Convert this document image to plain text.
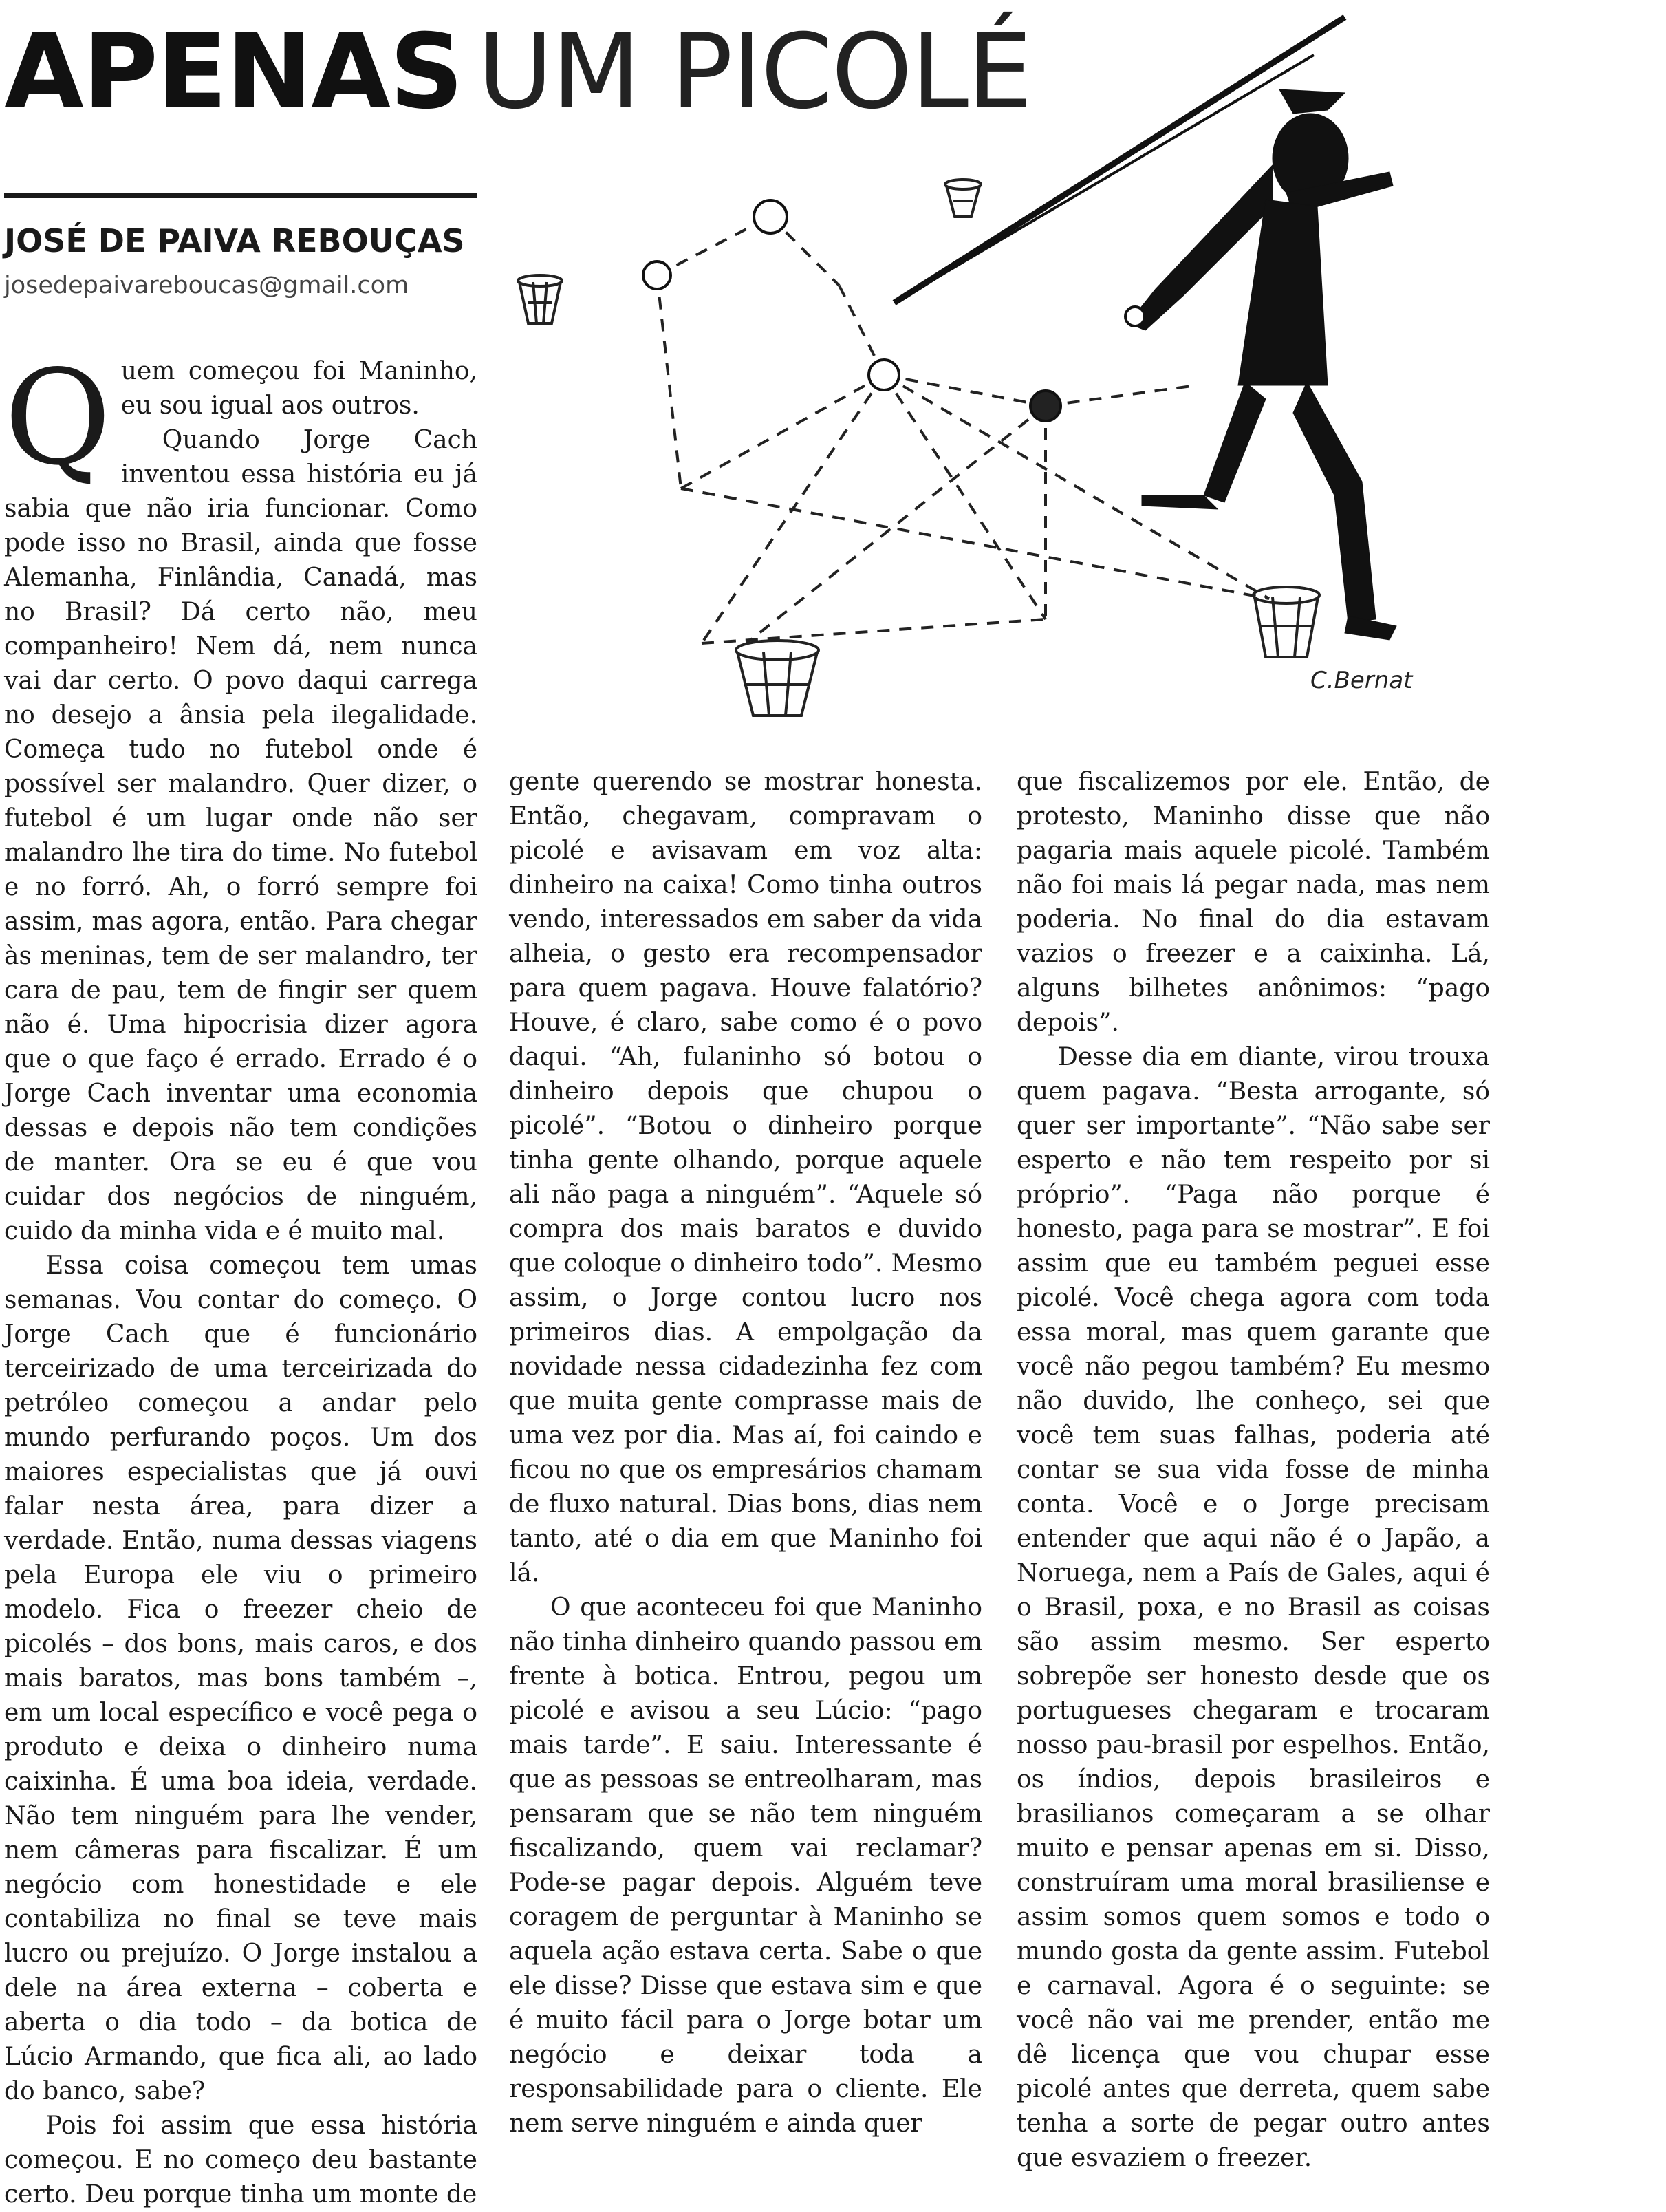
APENAS UM PICOLÉ
JOSÉ DE PAIVA REBOUÇAS
josedepaivareboucas@gmail.com
C.Bernat
Q uem começou foi Maninho, eu sou igual aos outros.

Quando Jorge Cach inventou essa história eu já sabia que não iria funcionar. Como pode isso no Brasil, ainda que fosse Alemanha, Finlândia, Canadá, mas no Brasil? Dá certo não, meu companheiro! Nem dá, nem nunca vai dar certo. O povo daqui carrega no desejo a ânsia pela ilegalidade. Começa tudo no futebol onde é possível ser malandro. Quer dizer, o futebol é um lugar onde não ser malandro lhe tira do time. No futebol e no forró. Ah, o forró sempre foi assim, mas agora, então. Para chegar às meninas, tem de ser malandro, ter cara de pau, tem de fingir ser quem não é. Uma hipocrisia dizer agora que o que faço é errado. Errado é o Jorge Cach inventar uma economia dessas e depois não tem condições de manter. Ora se eu é que vou cuidar dos negócios de ninguém, cuido da minha vida e é muito mal.

Essa coisa começou tem umas semanas. Vou contar do começo. O Jorge Cach que é funcionário terceirizado de uma terceirizada do petróleo começou a andar pelo mundo perfurando poços. Um dos maiores especialistas que já ouvi falar nesta área, para dizer a verdade. Então, numa dessas viagens pela Europa ele viu o primeiro modelo. Fica o freezer cheio de picolés – dos bons, mais caros, e dos mais baratos, mas bons também –, em um local específico e você pega o produto e deixa o dinheiro numa caixinha. É uma boa ideia, verdade. Não tem ninguém para lhe vender, nem câmeras para fiscalizar. É um negócio com honestidade e ele contabiliza no final se teve mais lucro ou prejuízo. O Jorge instalou a dele na área externa – coberta e aberta o dia todo – da botica de Lúcio Armando, que fica ali, ao lado do banco, sabe?

Pois foi assim que essa história começou. E no começo deu bastante certo. Deu porque tinha um monte de

gente querendo se mostrar honesta. Então, chegavam, compravam o picolé e avisavam em voz alta: dinheiro na caixa! Como tinha outros vendo, interessados em saber da vida alheia, o gesto era recompensador para quem pagava. Houve falatório? Houve, é claro, sabe como é o povo daqui. “Ah, fulaninho só botou o dinheiro depois que chupou o picolé”. “Botou o dinheiro porque tinha gente olhando, porque aquele ali não paga a ninguém”. “Aquele só compra dos mais baratos e duvido que coloque o dinheiro todo”. Mesmo assim, o Jorge contou lucro nos primeiros dias. A empolgação da novidade nessa cidadezinha fez com que muita gente comprasse mais de uma vez por dia. Mas aí, foi caindo e ficou no que os empresários chamam de fluxo natural. Dias bons, dias nem tanto, até o dia em que Maninho foi lá.

O que aconteceu foi que Maninho não tinha dinheiro quando passou em frente à botica. Entrou, pegou um picolé e avisou a seu Lúcio: “pago mais tarde”. E saiu. Interessante é que as pessoas se entreolharam, mas pensaram que se não tem ninguém fiscalizando, quem vai reclamar? Pode-se pagar depois. Alguém teve coragem de perguntar à Maninho se aquela ação estava certa. Sabe o que ele disse? Disse que estava sim e que é muito fácil para o Jorge botar um negócio e deixar toda a responsabilidade para o cliente. Ele nem serve ninguém e ainda quer

que fiscalizemos por ele. Então, de protesto, Maninho disse que não pagaria mais aquele picolé. Também não foi mais lá pegar nada, mas nem poderia. No final do dia estavam vazios o freezer e a caixinha. Lá, alguns bilhetes anônimos: “pago depois”.

Desse dia em diante, virou trouxa quem pagava. “Besta arrogante, só quer ser importante”. “Não sabe ser esperto e não tem respeito por si próprio”. “Paga não porque é honesto, paga para se mostrar”. E foi assim que eu também peguei esse picolé. Você chega agora com toda essa moral, mas quem garante que você não pegou também? Eu mesmo não duvido, lhe conheço, sei que você tem suas falhas, poderia até contar se sua vida fosse de minha conta. Você e o Jorge precisam entender que aqui não é o Japão, a Noruega, nem a País de Gales, aqui é o Brasil, poxa, e no Brasil as coisas são assim mesmo. Ser esperto sobrepõe ser honesto desde que os portugueses chegaram e trocaram nosso pau-brasil por espelhos. Então, os índios, depois brasileiros e brasilianos começaram a se olhar muito e pensar apenas em si. Disso, construíram uma moral brasiliense e assim somos quem somos e todo o mundo gosta da gente assim. Futebol e carnaval. Agora é o seguinte: se você não vai me prender, então me dê licença que vou chupar esse picolé antes que derreta, quem sabe tenha a sorte de pegar outro antes que esvaziem o freezer.
